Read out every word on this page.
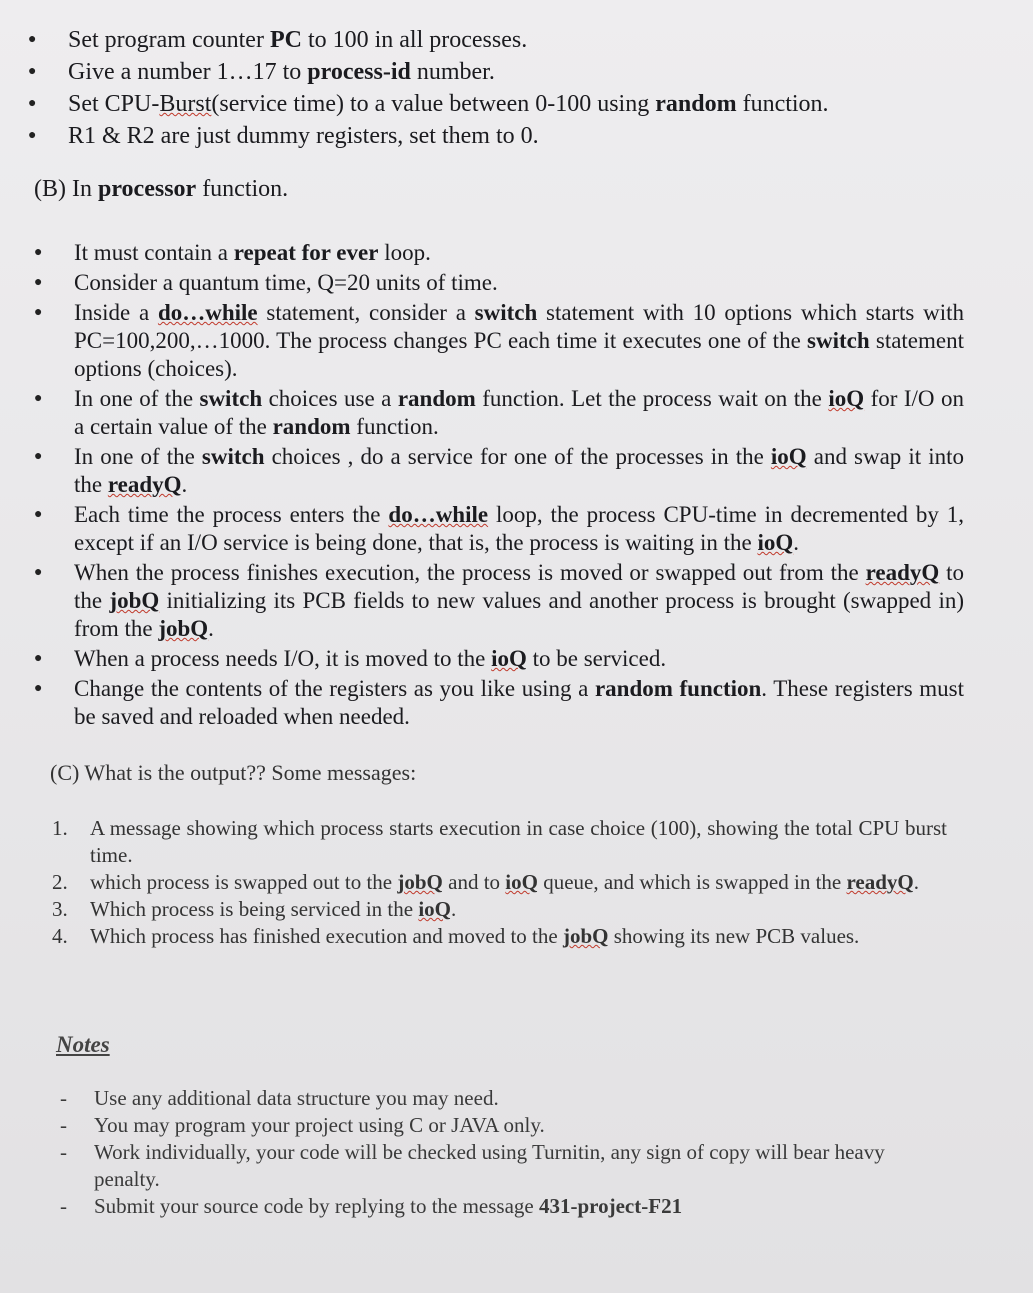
● Set program counter PC to 100 in all processes.
● Give a number 1…17 to process-id number.
● Set CPU-Burst(service time) to a value between 0-100 using random function.
● R1 & R2 are just dummy registers, set them to 0.
(B) In processor function.
● It must contain a repeat for ever loop.
● Consider a quantum time, Q=20 units of time.
● Inside a do…while statement, consider a switch statement with 10 options which starts with PC=100,200,…1000. The process changes PC each time it executes one of the switch statement options (choices).
● In one of the switch choices use a random function. Let the process wait on the ioQ for I/O on a certain value of the random function.
● In one of the switch choices , do a service for one of the processes in the ioQ and swap it into the readyQ.
● Each time the process enters the do…while loop, the process CPU-time in decremented by 1, except if an I/O service is being done, that is, the process is waiting in the ioQ.
● When the process finishes execution, the process is moved or swapped out from the readyQ to the jobQ initializing its PCB fields to new values and another process is brought (swapped in) from the jobQ.
● When a process needs I/O, it is moved to the ioQ to be serviced.
● Change the contents of the registers as you like using a random function. These registers must be saved and reloaded when needed.
(C) What is the output?? Some messages:
1. A message showing which process starts execution in case choice (100), showing the total CPU burst time.
2. which process is swapped out to the jobQ and to ioQ queue, and which is swapped in the readyQ.
3. Which process is being serviced in the ioQ.
4. Which process has finished execution and moved to the jobQ showing its new PCB values.
Notes
- Use any additional data structure you may need.
- You may program your project using C or JAVA only.
- Work individually, your code will be checked using Turnitin, any sign of copy will bear heavy penalty.
- Submit your source code by replying to the message 431-project-F21
